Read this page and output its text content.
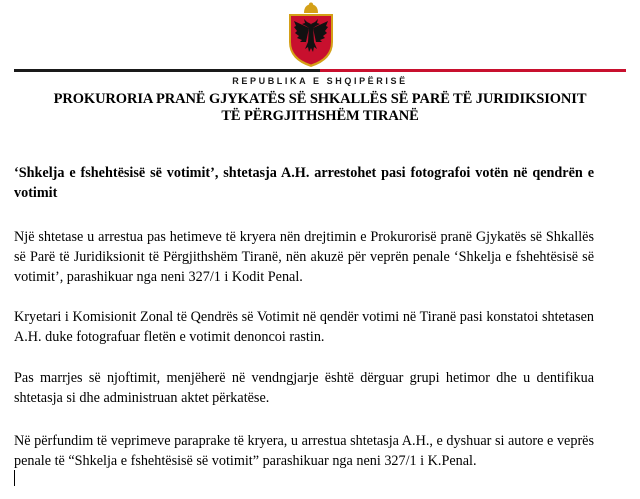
REPUBLIKA E SHQIPËRISË
PROKURORIA PRANË GJYKATËS SË SHKALLËS SË PARË TË JURIDIKSIONIT
TË PËRGJITHSHËM TIRANË
‘Shkelja e fshehtësisë së votimit’, shtetasja A.H. arrestohet pasi fotografoi votën në qendrën e votimit
Një shtetase u arrestua pas hetimeve të kryera nën drejtimin e Prokurorisë pranë Gjykatës së Shkallës së Parë të Juridiksionit të Përgjithshëm Tiranë, nën akuzë për veprën penale ‘Shkelja e fshehtësisë së votimit’, parashikuar nga neni 327/1 i Kodit Penal.
Kryetari i Komisionit Zonal të Qendrës së Votimit në qendër votimi në Tiranë pasi konstatoi shtetasen A.H. duke fotografuar fletën e votimit denoncoi rastin.
Pas marrjes së njoftimit, menjëherë në vendngjarje është dërguar grupi hetimor dhe u dentifikua shtetasja si dhe administruan aktet përkatëse.
Në përfundim të veprimeve paraprake të kryera, u arrestua shtetasja A.H., e dyshuar si autore e veprës penale të “Shkelja e fshehtësisë së votimit” parashikuar nga neni 327/1 i K.Penal.
